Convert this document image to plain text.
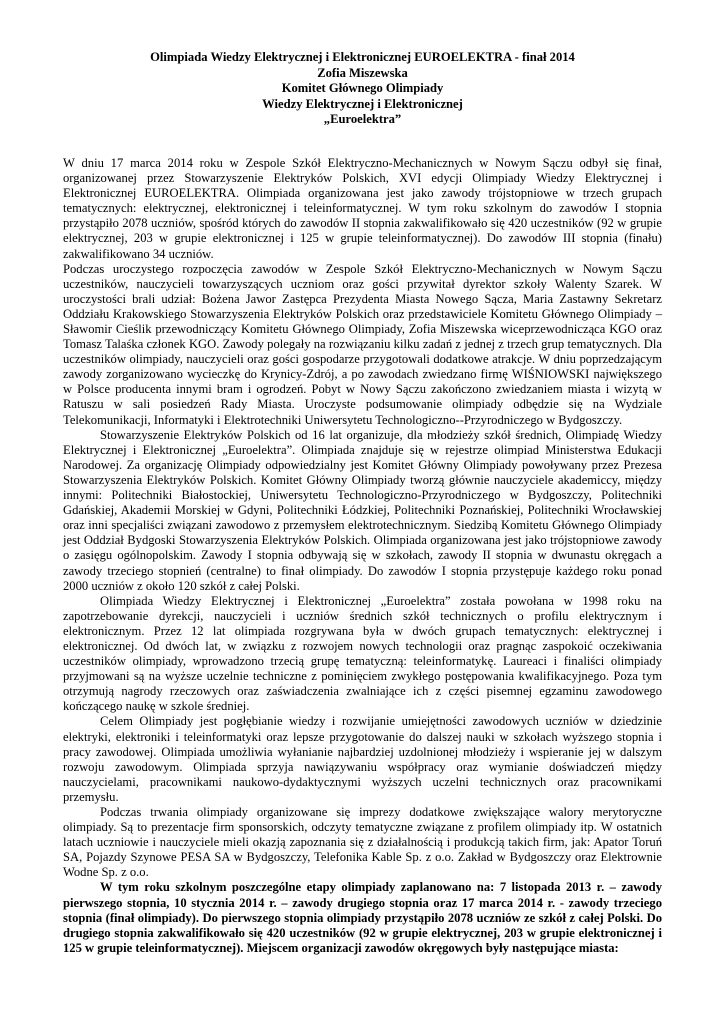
Olimpiada Wiedzy Elektrycznej i Elektronicznej EUROELEKTRA - finał 2014
Zofia Miszewska
Komitet Głównego Olimpiady
Wiedzy Elektrycznej i Elektronicznej
„Euroelektra”

W dniu 17 marca 2014 roku w Zespole Szkół Elektryczno-Mechanicznych w Nowym Sączu odbył się finał, organizowanej przez Stowarzyszenie Elektryków Polskich, XVI edycji Olimpiady Wiedzy Elektrycznej i Elektronicznej EUROELEKTRA. Olimpiada organizowana jest jako zawody trójstopniowe w trzech grupach tematycznych: elektrycznej, elektronicznej i teleinformatycznej. W tym roku szkolnym do zawodów I stopnia przystąpiło 2078 uczniów, spośród których do zawodów II stopnia zakwalifikowało się 420 uczestników (92 w grupie elektrycznej, 203 w grupie elektronicznej i 125 w grupie teleinformatycznej). Do zawodów III stopnia (finału) zakwalifikowano 34 uczniów.

Podczas uroczystego rozpoczęcia zawodów w Zespole Szkół Elektryczno-Mechanicznych w Nowym Sączu uczestników, nauczycieli towarzyszących uczniom oraz gości przywitał dyrektor szkoły Walenty Szarek. W uroczystości brali udział: Bożena Jawor Zastępca Prezydenta Miasta Nowego Sącza, Maria Zastawny Sekretarz Oddziału Krakowskiego Stowarzyszenia Elektryków Polskich oraz przedstawiciele Komitetu Głównego Olimpiady – Sławomir Cieślik przewodniczący Komitetu Głównego Olimpiady, Zofia Miszewska wiceprzewodnicząca KGO oraz Tomasz Talaśka członek KGO. Zawody polegały na rozwiązaniu kilku zadań z jednej z trzech grup tematycznych. Dla uczestników olimpiady, nauczycieli oraz gości gospodarze przygotowali dodatkowe atrakcje. W dniu poprzedzającym zawody zorganizowano wycieczkę do Krynicy-Zdrój, a po zawodach zwiedzano firmę WIŚNIOWSKI największego w Polsce producenta innymi bram i ogrodzeń. Pobyt w Nowy Sączu zakończono zwiedzaniem miasta i wizytą w Ratuszu w sali posiedzeń Rady Miasta. Uroczyste podsumowanie olimpiady odbędzie się na Wydziale Telekomunikacji, Informatyki i Elektrotechniki Uniwersytetu Technologiczno--Przyrodniczego w Bydgoszczy.

Stowarzyszenie Elektryków Polskich od 16 lat organizuje, dla młodzieży szkół średnich, Olimpiadę Wiedzy Elektrycznej i Elektronicznej „Euroelektra”. Olimpiada znajduje się w rejestrze olimpiad Ministerstwa Edukacji Narodowej. Za organizację Olimpiady odpowiedzialny jest Komitet Główny Olimpiady powoływany przez Prezesa Stowarzyszenia Elektryków Polskich. Komitet Główny Olimpiady tworzą głównie nauczyciele akademiccy, między innymi: Politechniki Białostockiej, Uniwersytetu Technologiczno-Przyrodniczego w Bydgoszczy, Politechniki Gdańskiej, Akademii Morskiej w Gdyni, Politechniki Łódzkiej, Politechniki Poznańskiej, Politechniki Wrocławskiej oraz inni specjaliści związani zawodowo z przemysłem elektrotechnicznym. Siedzibą Komitetu Głównego Olimpiady jest Oddział Bydgoski Stowarzyszenia Elektryków Polskich. Olimpiada organizowana jest jako trójstopniowe zawody o zasięgu ogólnopolskim. Zawody I stopnia odbywają się w szkołach, zawody II stopnia w dwunastu okręgach a zawody trzeciego stopnień (centralne) to finał olimpiady. Do zawodów I stopnia przystępuje każdego roku ponad 2000 uczniów z około 120 szkół z całej Polski.

Olimpiada Wiedzy Elektrycznej i Elektronicznej „Euroelektra” została powołana w 1998 roku na zapotrzebowanie dyrekcji, nauczycieli i uczniów średnich szkół technicznych o profilu elektrycznym i elektronicznym. Przez 12 lat olimpiada rozgrywana była w dwóch grupach tematycznych: elektrycznej i elektronicznej. Od dwóch lat, w związku z rozwojem nowych technologii oraz pragnąc zaspokoić oczekiwania uczestników olimpiady, wprowadzono trzecią grupę tematyczną: teleinformatykę. Laureaci i finaliści olimpiady przyjmowani są na wyższe uczelnie techniczne z pominięciem zwykłego postępowania kwalifikacyjnego. Poza tym otrzymują nagrody rzeczowych oraz zaświadczenia zwalniające ich z części pisemnej egzaminu zawodowego kończącego naukę w szkole średniej.

Celem Olimpiady jest pogłębianie wiedzy i rozwijanie umiejętności zawodowych uczniów w dziedzinie elektryki, elektroniki i teleinformatyki oraz lepsze przygotowanie do dalszej nauki w szkołach wyższego stopnia i pracy zawodowej. Olimpiada umożliwia wyłanianie najbardziej uzdolnionej młodzieży i wspieranie jej w dalszym rozwoju zawodowym. Olimpiada sprzyja nawiązywaniu współpracy oraz wymianie doświadczeń między nauczycielami, pracownikami naukowo-dydaktycznymi wyższych uczelni technicznych oraz pracownikami przemysłu.

Podczas trwania olimpiady organizowane się imprezy dodatkowe zwiększające walory merytoryczne olimpiady. Są to prezentacje firm sponsorskich, odczyty tematyczne związane z profilem olimpiady itp. W ostatnich latach uczniowie i nauczyciele mieli okazją zapoznania się z działalnością i produkcją takich firm, jak: Apator Toruń SA, Pojazdy Szynowe PESA SA w Bydgoszczy, Telefonika Kable Sp. z o.o. Zakład w Bydgoszczy oraz Elektrownie Wodne Sp. z o.o.

W tym roku szkolnym poszczególne etapy olimpiady zaplanowano na: 7 listopada 2013 r. – zawody pierwszego stopnia, 10 stycznia 2014 r. – zawody drugiego stopnia oraz 17 marca 2014 r. - zawody trzeciego stopnia (finał olimpiady). Do pierwszego stopnia olimpiady przystąpiło 2078 uczniów ze szkół z całej Polski. Do drugiego stopnia zakwalifikowało się 420 uczestników (92 w grupie elektrycznej, 203 w grupie elektronicznej i 125 w grupie teleinformatycznej). Miejscem organizacji zawodów okręgowych były następujące miasta:
